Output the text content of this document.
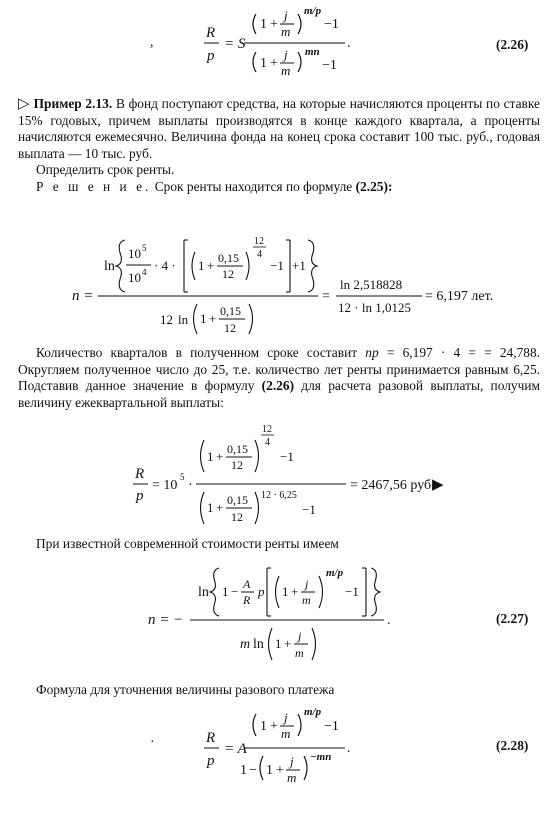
,
R
p
= S
1 +
j
m
m/p
−1
1 +
j
m
mn
−1
.	(2.26)

▷ Пример 2.13. В фонд поступают средства, на которые начисляются проценты по ставке 15% годовых, причем выплаты производятся в конце каждого квартала, а проценты начисляются ежемесячно. Величина фонда на конец срока составит 100 тыс. руб., годовая выплата — 10 тыс. руб.

Определить срок ренты.

Р е ш е н и е. Срок ренты находится по формуле (2.25):

n =
ln
10 5
10 4 · 4 · 1 + 0,15
12
12
4
−1 +1
12 ln 1 + 0,15
12
=
ln 2,518828
12 · ln 1,0125
= 6,197 лет.

Количество кварталов в полученном сроке составит np = 6,197 · 4 = = 24,788. Округляем полученное число до 25, т.е. количество лет ренты принимается равным 6,25. Подставив данное значение в формулу (2.26) для расчета разовой выплаты, получим величину ежеквартальной выплаты:

R
p
= 10
5
·
1 + 0,15
12
12
4
−1
1 + 0,15
12
12 · 6,25
−1
= 2467,56 руб.
▶

При известной современной стоимости ренты имеем

n = −
ln 1 − A
R
p 1 + j
m
m/p
−1
m ln 1 + j
m
.	(2.27)

Формула для уточнения величины разового платежа

·	R
p
= A
1 +
j
m
m/p
−1
1 − 1 +
j
m
−mn
.	(2.28)
